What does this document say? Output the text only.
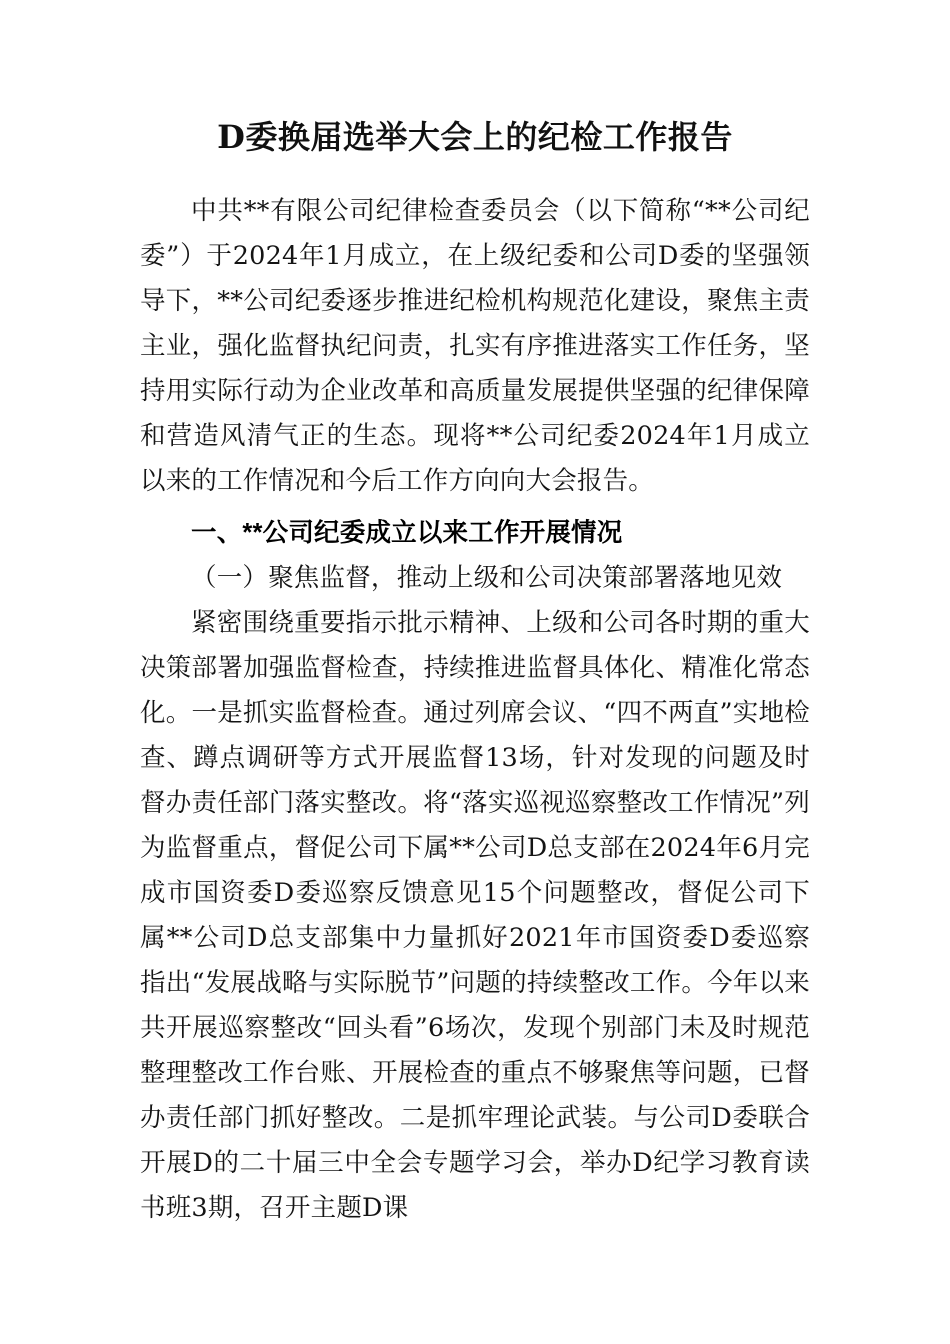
D委换届选举大会上的纪检工作报告

中共**有限公司纪律检查委员会（以下简称“**公司纪委”）于2024年1月成立，在上级纪委和公司D委的坚强领导下，**公司纪委逐步推进纪检机构规范化建设，聚焦主责主业，强化监督执纪问责，扎实有序推进落实工作任务，坚持用实际行动为企业改革和高质量发展提供坚强的纪律保障和营造风清气正的生态。现将**公司纪委2024年1月成立以来的工作情况和今后工作方向向大会报告。

一、**公司纪委成立以来工作开展情况

（一）聚焦监督，推动上级和公司决策部署落地见效

紧密围绕重要指示批示精神、上级和公司各时期的重大决策部署加强监督检查，持续推进监督具体化、精准化常态化。一是抓实监督检查。通过列席会议、“四不两直”实地检查、蹲点调研等方式开展监督13场，针对发现的问题及时督办责任部门落实整改。将“落实巡视巡察整改工作情况”列为监督重点，督促公司下属**公司D总支部在2024年6月完成市国资委D委巡察反馈意见15个问题整改，督促公司下属**公司D总支部集中力量抓好2021年市国资委D委巡察指出“发展战略与实际脱节”问题的持续整改工作。今年以来共开展巡察整改“回头看”6场次，发现个别部门未及时规范整理整改工作台账、开展检查的重点不够聚焦等问题，已督办责任部门抓好整改。二是抓牢理论武装。与公司D委联合开展D的二十届三中全会专题学习会，举办D纪学习教育读书班3期，召开主题D课
